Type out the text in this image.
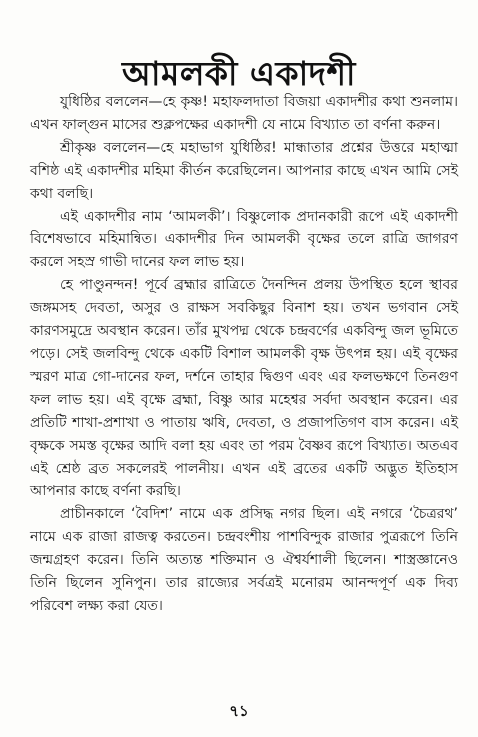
আমলকী একাদশী

যুধিষ্ঠির বললেন—হে কৃষ্ণ! মহাফলদাতা বিজয়া একাদশীর কথা শুনলাম। এখন ফাল্গুন মাসের শুক্লপক্ষের একাদশী যে নামে বিখ্যাত তা বর্ণনা করুন।

শ্রীকৃষ্ণ বললেন—হে মহাভাগ যুধিষ্ঠির! মান্ধাতার প্রশ্নের উত্তরে মহাত্মা বশিষ্ঠ এই একাদশীর মহিমা কীর্তন করেছিলেন। আপনার কাছে এখন আমি সেই কথা বলছি।

এই একাদশীর নাম ‘আমলকী’। বিষ্ণুলোক প্রদানকারী রূপে এই একাদশী বিশেষভাবে মহিমান্বিত। একাদশীর দিন আমলকী বৃক্ষের তলে রাত্রি জাগরণ করলে সহস্র গাভী দানের ফল লাভ হয়।

হে পাণ্ডুনন্দন! পূর্বে ব্রহ্মার রাত্রিতে দৈনন্দিন প্রলয় উপস্থিত হলে স্থাবর জঙ্গমসহ দেবতা, অসুর ও রাক্ষস সবকিছুর বিনাশ হয়। তখন ভগবান সেই কারণসমুদ্রে অবস্থান করেন। তাঁর মুখপদ্ম থেকে চন্দ্রবর্ণের একবিন্দু জল ভূমিতে পড়ে। সেই জলবিন্দু থেকে একটি বিশাল আমলকী বৃক্ষ উৎপন্ন হয়। এই বৃক্ষের স্মরণ মাত্র গো-দানের ফল, দর্শনে তাহার দ্বিগুণ এবং এর ফলভক্ষণে তিনগুণ ফল লাভ হয়। এই বৃক্ষে ব্রহ্মা, বিষ্ণু আর মহেশ্বর সর্বদা অবস্থান করেন। এর প্রতিটি শাখা-প্রশাখা ও পাতায় ঋষি, দেবতা, ও প্রজাপতিগণ বাস করেন। এই বৃক্ষকে সমস্ত বৃক্ষের আদি বলা হয় এবং তা পরম বৈষ্ণব রূপে বিখ্যাত। অতএব এই শ্রেষ্ঠ ব্রত সকলেরই পালনীয়। এখন এই ব্রতের একটি অদ্ভুত ইতিহাস আপনার কাছে বর্ণনা করছি।

প্রাচীনকালে ‘বৈদিশ’ নামে এক প্রসিদ্ধ নগর ছিল। এই নগরে ‘চৈত্ররথ’ নামে এক রাজা রাজত্ব করতেন। চন্দ্রবংশীয় পাশবিন্দুক রাজার পুত্ররূপে তিনি জন্মগ্রহণ করেন। তিনি অত্যন্ত শক্তিমান ও ঐশ্বর্যশালী ছিলেন। শাস্ত্রজ্ঞানেও তিনি ছিলেন সুনিপুন। তার রাজ্যের সর্বত্রই মনোরম আনন্দপূর্ণ এক দিব্য পরিবেশ লক্ষ্য করা যেত।

৭১
